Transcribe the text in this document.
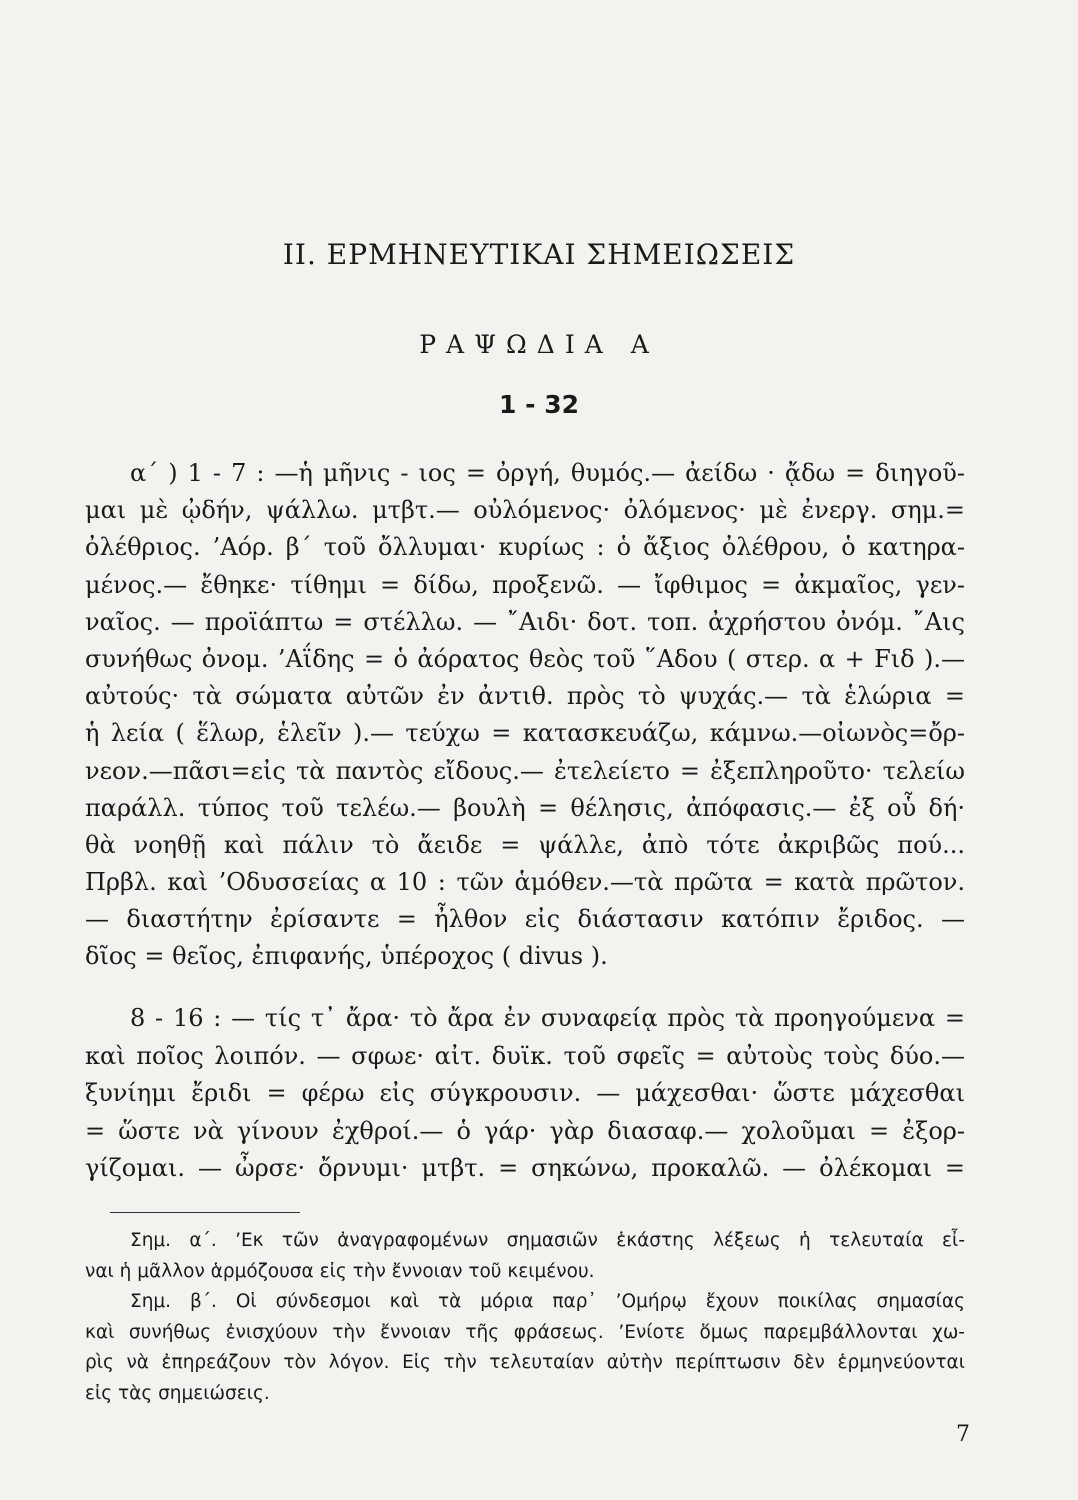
ΙΙ. ΕΡΜΗΝΕΥΤΙΚΑΙ ΣΗΜΕΙΩΣΕΙΣ
ΡΑΨΩΔΙΑ Α
1 - 32
α΄ ) 1 - 7 : —ἡ μῆνις - ιος = ὀργή, θυμός.— ἀείδω · ᾄδω = διηγοῦ-
μαι μὲ ᾠδήν, ψάλλω. μτβτ.— οὐλόμενος· ὀλόμενος· μὲ ἐνεργ. σημ.=
ὀλέθριος. ’Αόρ. β΄ τοῦ ὄλλυμαι· κυρίως : ὁ ἄξιος ὀλέθρου, ὁ κατηρα-
μένος.— ἔθηκε· τίθημι = δίδω, προξενῶ. — ἴφθιμος = ἀκμαῖος, γεν-
ναῖος. — προϊάπτω = στέλλω. — ῎Αιδι· δοτ. τοπ. ἀχρήστου ὀνόμ. ῎Αις
συνήθως ὀνομ. ’Αΐδης = ὁ ἀόρατος θεὸς τοῦ ῞Αδου ( στερ. α + Fιδ ).—
αὐτούς· τὰ σώματα αὐτῶν ἐν ἀντιθ. πρὸς τὸ ψυχάς.— τὰ ἑλώρια =
ἡ λεία ( ἕλωρ, ἑλεῖν ).— τεύχω = κατασκευάζω, κάμνω.—οἰωνὸς=ὄρ-
νεον.—πᾶσι=εἰς τὰ παντὸς εἴδους.— ἐτελείετο = ἐξεπληροῦτο· τελείω
παράλλ. τύπος τοῦ τελέω.— βουλὴ = θέλησις, ἀπόφασις.— ἐξ οὗ δή·
θὰ νοηθῇ καὶ πάλιν τὸ ἄειδε = ψάλλε, ἀπὸ τότε ἀκριβῶς πού...
Πρβλ. καὶ ’Οδυσσείας α 10 : τῶν ἁμόθεν.—τὰ πρῶτα = κατὰ πρῶτον.
— διαστήτην ἐρίσαντε = ἦλθον εἰς διάστασιν κατόπιν ἔριδος. —
δῖος = θεῖος, ἐπιφανής, ὑπέροχος ( divus ).
8 - 16 : — τίς τ᾽ ἄρα· τὸ ἄρα ἐν συναφείᾳ πρὸς τὰ προηγούμενα =
καὶ ποῖος λοιπόν. — σφωε· αἰτ. δυϊκ. τοῦ σφεῖς = αὐτοὺς τοὺς δύο.—
ξυνίημι ἔριδι = φέρω εἰς σύγκρουσιν. — μάχεσθαι· ὥστε μάχεσθαι
= ὥστε νὰ γίνουν ἐχθροί.— ὁ γάρ· γὰρ διασαφ.— χολοῦμαι = ἐξορ-
γίζομαι. — ὦρσε· ὄρνυμι· μτβτ. = σηκώνω, προκαλῶ. — ὀλέκομαι =
Σημ. α΄. ’Εκ τῶν ἀναγραφομένων σημασιῶν ἑκάστης λέξεως ἡ τελευταία εἶ-
ναι ἡ μᾶλλον ἁρμόζουσα εἰς τὴν ἔννοιαν τοῦ κειμένου.
Σημ. β΄. Οἱ σύνδεσμοι καὶ τὰ μόρια παρ᾽ ’Ομήρῳ ἔχουν ποικίλας σημασίας
καὶ συνήθως ἐνισχύουν τὴν ἔννοιαν τῆς φράσεως. ’Ενίοτε ὅμως παρεμβάλλονται χω-
ρὶς νὰ ἐπηρεάζουν τὸν λόγον. Εἰς τὴν τελευταίαν αὐτὴν περίπτωσιν δὲν ἑρμηνεύονται
εἰς τὰς σημειώσεις.
7
